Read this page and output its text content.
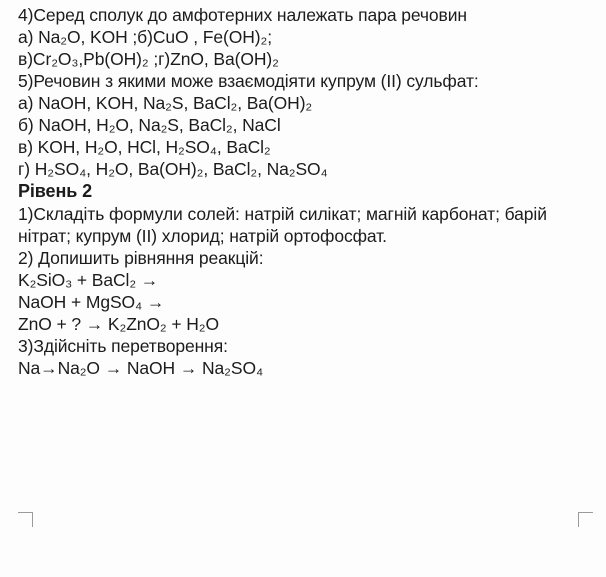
4)Серед сполук до амфотерних належать пара речовин
а) Na₂O, KOH ;б)CuO , Fe(OH)₂;
в)Cr₂O₃,Pb(OH)₂ ;г)ZnO, Ba(OH)₂
5)Речовин з якими може взаємодіяти купрум (II) сульфат:
а) NaOH, KOH, Na₂S, BaCl₂, Ba(OH)₂
б) NaOH, H₂O, Na₂S, BaCl₂, NaCl
в) KOH, H₂O, HCl, H₂SO₄, BaCl₂
г) H₂SO₄, H₂O, Ba(OH)₂, BaCl₂, Na₂SO₄
Рівень 2
1)Складіть формули солей: натрій силікат; магній карбонат; барій нітрат; купрум (II) хлорид; натрій ортофосфат.
2) Допишить рівняння реакцій:
K₂SiO₃ + BaCl₂ →
NaOH + MgSO₄ →
ZnO + ? → K₂ZnO₂ + H₂O
3)Здійсніть перетворення:
Na→Na₂O → NaOH → Na₂SO₄
